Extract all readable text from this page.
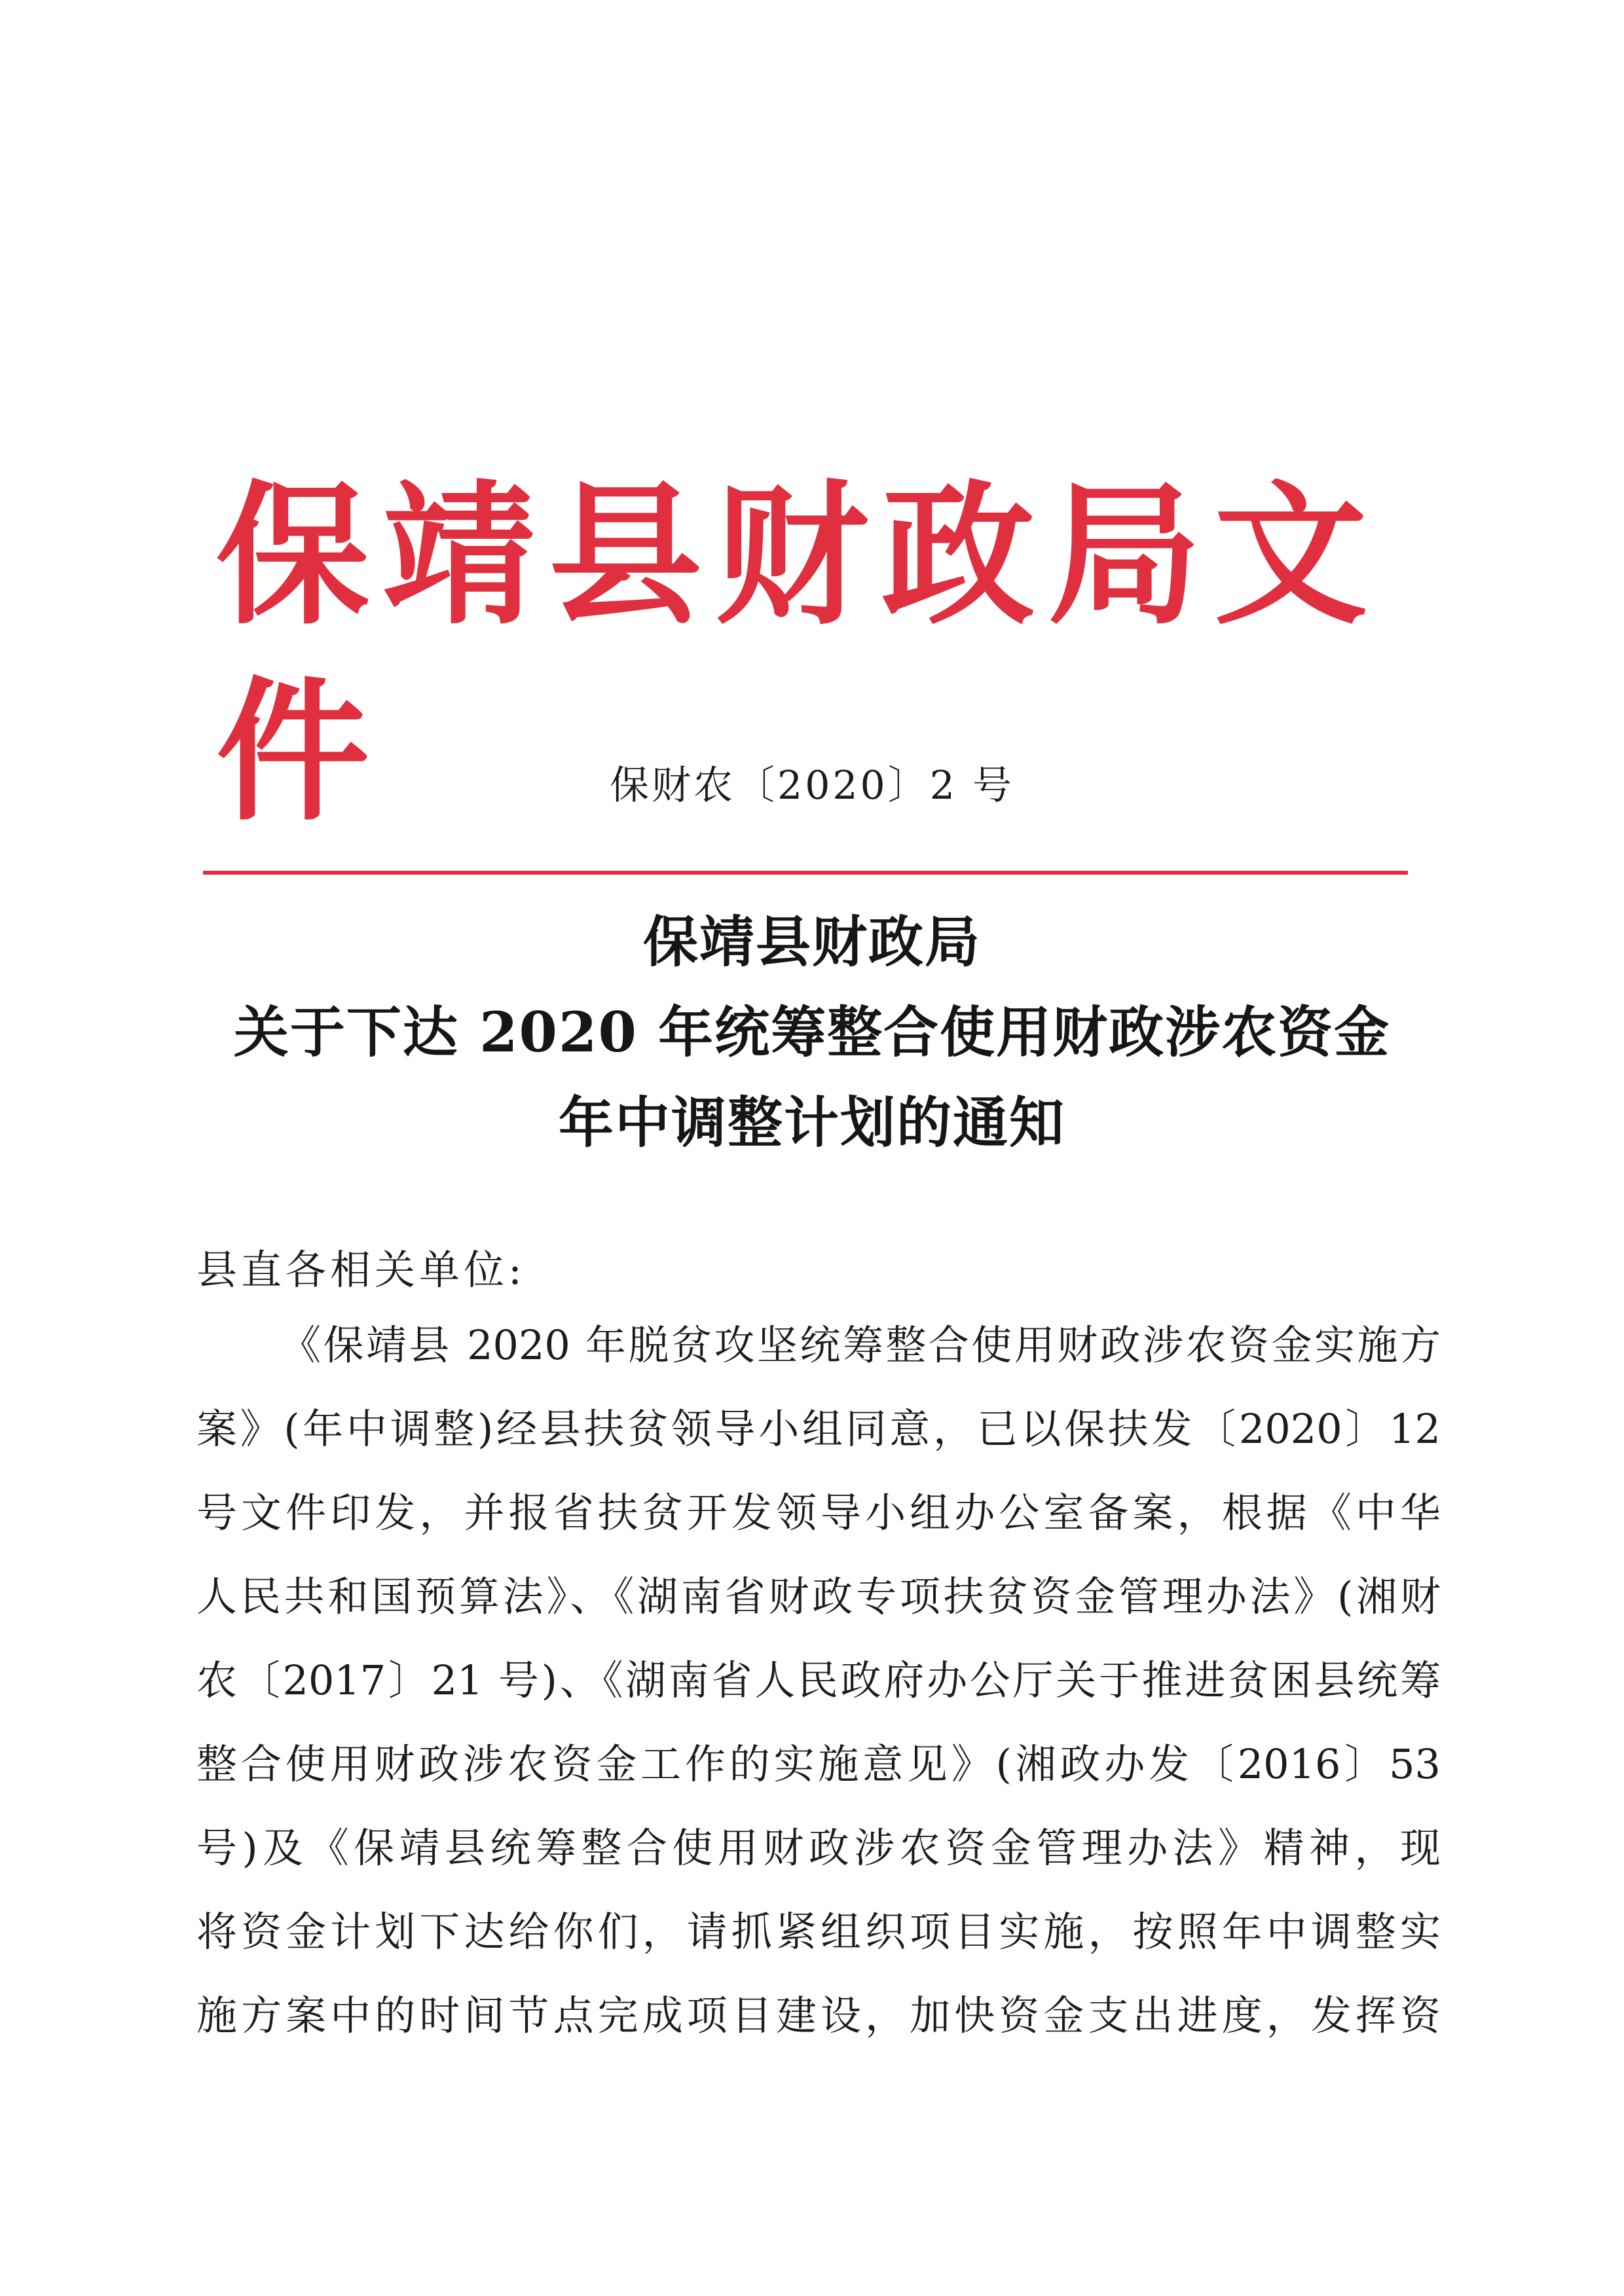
保靖县财政局文件	保财农〔2020〕2 号
保靖县财政局
关于下达 2020 年统筹整合使用财政涉农资金
年中调整计划的通知
县直各相关单位:
《保靖县 2020 年脱贫攻坚统筹整合使用财政涉农资金实施方
案》(年中调整)经县扶贫领导小组同意，已以保扶发〔2020〕12
号文件印发，并报省扶贫开发领导小组办公室备案，根据《中华
人民共和国预算法》、《湖南省财政专项扶贫资金管理办法》(湘财
农〔2017〕21 号)、《湖南省人民政府办公厅关于推进贫困县统筹
整合使用财政涉农资金工作的实施意见》(湘政办发〔2016〕53
号)及《保靖县统筹整合使用财政涉农资金管理办法》精神，现
将资金计划下达给你们，请抓紧组织项目实施，按照年中调整实
施方案中的时间节点完成项目建设，加快资金支出进度，发挥资
